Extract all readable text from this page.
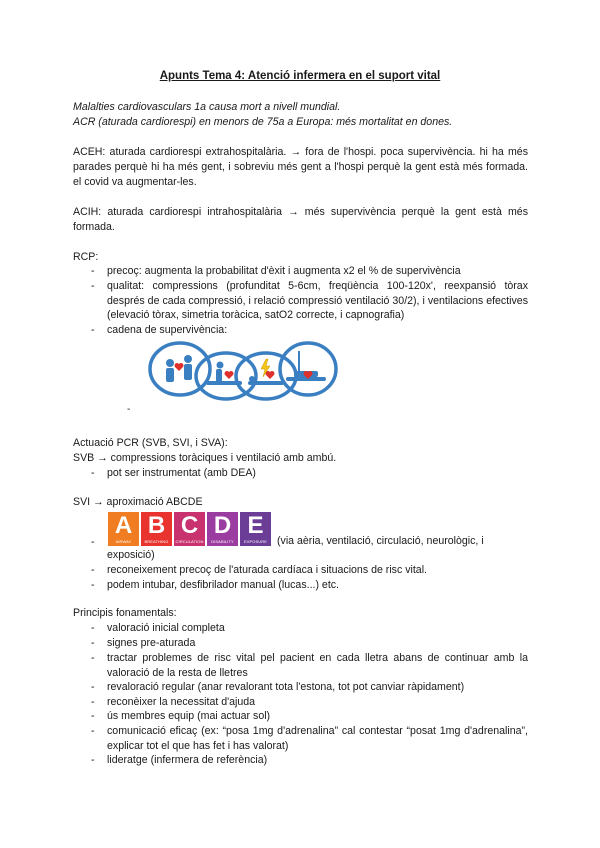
Apunts Tema 4: Atenció infermera en el suport vital

Malalties cardiovasculars 1a causa mort a nivell mundial.

ACR (aturada cardiorespi) en menors de 75a a Europa: més mortalitat en dones.

ACEH: aturada cardiorespi extrahospitalària. → fora de l'hospi. poca supervivència. hi ha més parades perquè hi ha més gent, i sobreviu més gent a l'hospi perquè la gent està més formada. el covid va augmentar-les.

ACIH: aturada cardiorespi intrahospitalària → més supervivència perquè la gent està més formada.

RCP:

- precoç: augmenta la probabilitat d'èxit i augmenta x2 el % de supervivència

- qualitat: compressions (profunditat 5-6cm, freqüència 100-120x', reexpansió tòrax després de cada compressió, i relació compressió ventilació 30/2), i ventilacions efectives (elevació tòrax, simetria toràcica, satO2 correcte, i capnografia)

- cadena de supervivència:

-

Actuació PCR (SVB, SVI, i SVA):

SVB → compressions toràciques i ventilació amb ambú.

- pot ser instrumentat (amb DEA)

SVI → aproximació ABCDE

A
AIRWAY
B
BREATHING
C
CIRCULATION
D
DISABILITY
E
EXPOSURE
-	(via aèria, ventilació, circulació, neurològic, i

exposició)

- reconeixement precoç de l'aturada cardíaca i situacions de risc vital.

- podem intubar, desfibrilador manual (lucas...) etc.

Principis fonamentals:

- valoració inicial completa

- signes pre-aturada

- tractar problemes de risc vital pel pacient en cada lletra abans de continuar amb la valoració de la resta de lletres

- revaloració regular (anar revalorant tota l'estona, tot pot canviar ràpidament)

- reconèixer la necessitat d'ajuda

- ús membres equip (mai actuar sol)

- comunicació eficaç (ex: “posa 1mg d'adrenalina” cal contestar “posat 1mg d'adrenalina”, explicar tot el que has fet i has valorat)

- lideratge (infermera de referència)
